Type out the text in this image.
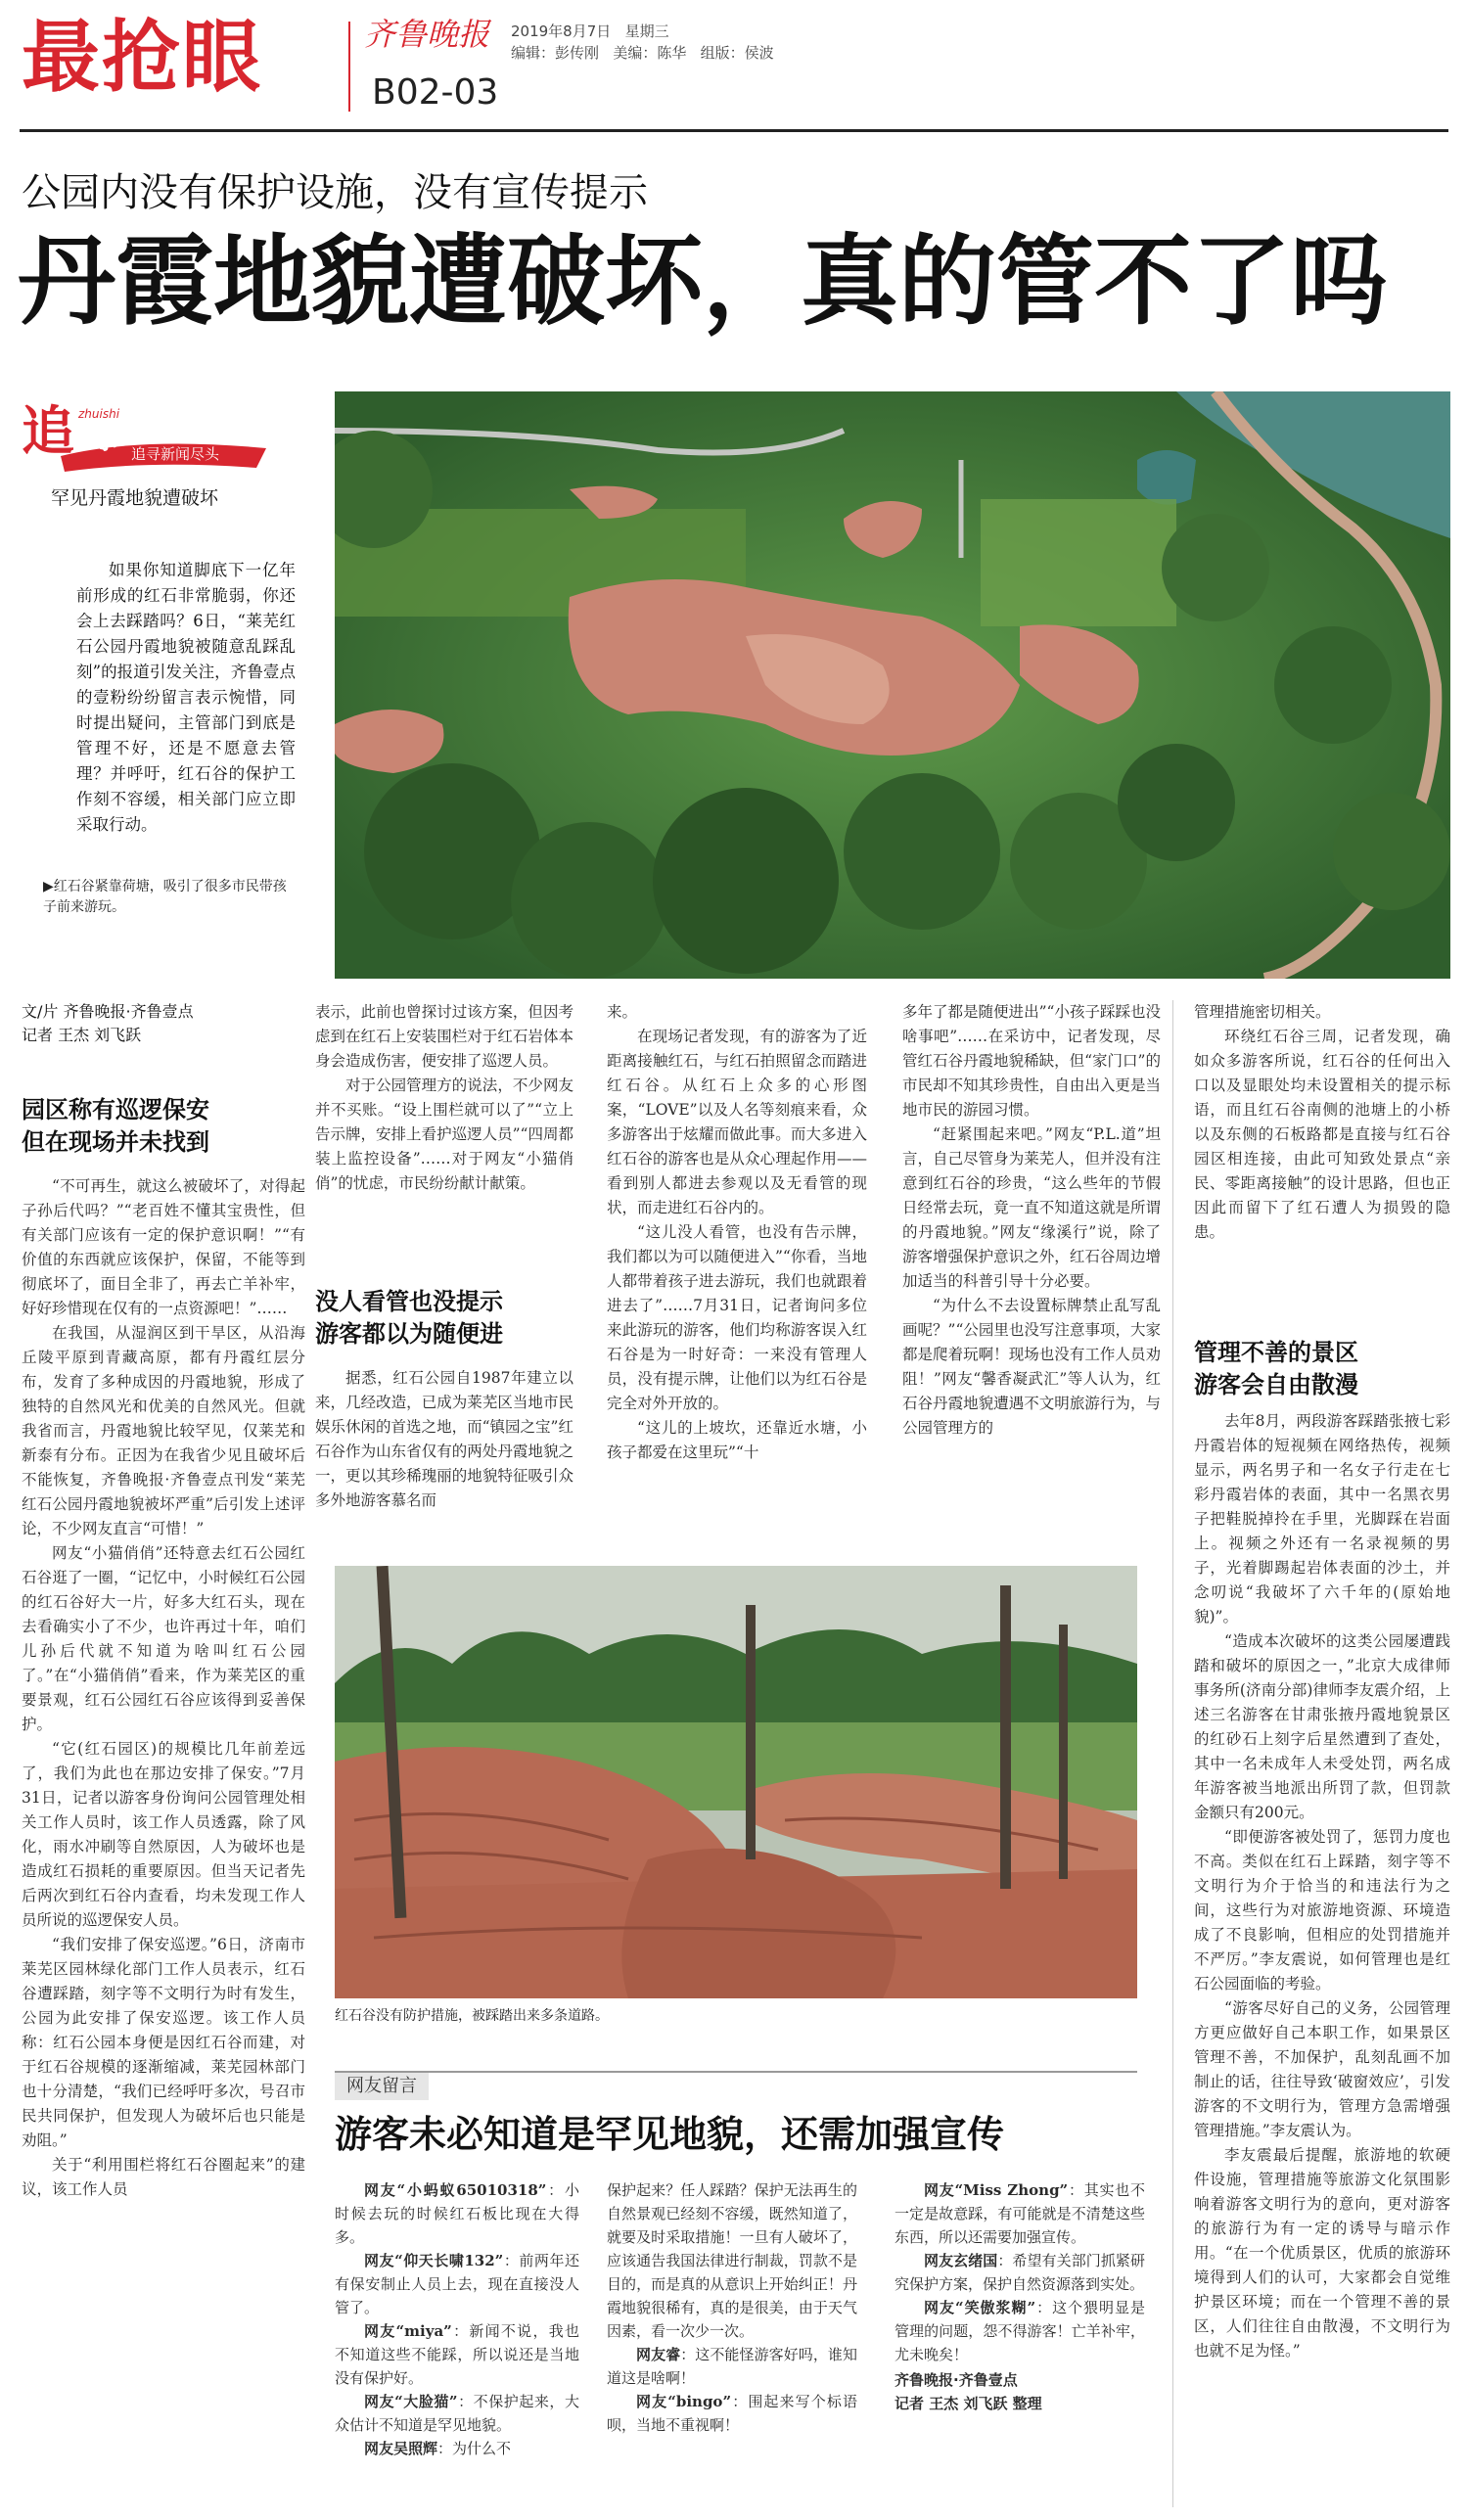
最抢眼	齐鲁晚报 2019年8月7日 星期三
编辑：彭传刚 美编：陈华 组版：侯波
B02-03
公园内没有保护设施，没有宣传提示
丹霞地貌遭破坏，真的管不了吗
追 zhuishi
事 追寻新闻尽头
罕见丹霞地貌遭破坏

如果你知道脚底下一亿年前形成的红石非常脆弱，你还会上去踩踏吗？6日，“莱芜红石公园丹霞地貌被随意乱踩乱刻”的报道引发关注，齐鲁壹点的壹粉纷纷留言表示惋惜，同时提出疑问，主管部门到底是管理不好，还是不愿意去管理？并呼吁，红石谷的保护工作刻不容缓，相关部门应立即采取行动。

▶红石谷紧靠荷塘，吸引了很多市民带孩子前来游玩。
文/片 齐鲁晚报·齐鲁壹点
记者 王杰 刘飞跃
园区称有巡逻保安
但在现场并未找到

“不可再生，就这么被破坏了，对得起子孙后代吗？”“老百姓不懂其宝贵性，但有关部门应该有一定的保护意识啊！”“有价值的东西就应该保护，保留，不能等到彻底坏了，面目全非了，再去亡羊补牢，好好珍惜现在仅有的一点资源吧！”……

在我国，从湿润区到干旱区，从沿海丘陵平原到青藏高原，都有丹霞红层分布，发育了多种成因的丹霞地貌，形成了独特的自然风光和优美的自然风光。但就我省而言，丹霞地貌比较罕见，仅莱芜和新泰有分布。正因为在我省少见且破坏后不能恢复，齐鲁晚报·齐鲁壹点刊发“莱芜红石公园丹霞地貌被坏严重”后引发上述评论，不少网友直言“可惜！”

网友“小猫俏俏”还特意去红石公园红石谷逛了一圈，“记忆中，小时候红石公园的红石谷好大一片，好多大红石头，现在去看确实小了不少，也许再过十年，咱们儿孙后代就不知道为啥叫红石公园了。”在“小猫俏俏”看来，作为莱芜区的重要景观，红石公园红石谷应该得到妥善保护。

“它(红石园区)的规模比几年前差远了，我们为此也在那边安排了保安。”7月31日，记者以游客身份询问公园管理处相关工作人员时，该工作人员透露，除了风化，雨水冲刷等自然原因，人为破坏也是造成红石损耗的重要原因。但当天记者先后两次到红石谷内查看，均未发现工作人员所说的巡逻保安人员。

“我们安排了保安巡逻。”6日，济南市莱芜区园林绿化部门工作人员表示，红石谷遭踩踏，刻字等不文明行为时有发生，公园为此安排了保安巡逻。该工作人员称：红石公园本身便是因红石谷而建，对于红石谷规模的逐渐缩减，莱芜园林部门也十分清楚，“我们已经呼吁多次，号召市民共同保护，但发现人为破坏后也只能是劝阻。”

关于“利用围栏将红石谷圈起来”的建议，该工作人员

表示，此前也曾探讨过该方案，但因考虑到在红石上安装围栏对于红石岩体本身会造成伤害，便安排了巡逻人员。

对于公园管理方的说法，不少网友并不买账。“设上围栏就可以了”“立上告示牌，安排上看护巡逻人员”“四周都装上监控设备”……对于网友“小猫俏俏”的忧虑，市民纷纷献计献策。

没人看管也没提示
游客都以为随便进

据悉，红石公园自1987年建立以来，几经改造，已成为莱芜区当地市民娱乐休闲的首选之地，而“镇园之宝”红石谷作为山东省仅有的两处丹霞地貌之一，更以其珍稀瑰丽的地貌特征吸引众多外地游客慕名而

来。

在现场记者发现，有的游客为了近距离接触红石，与红石拍照留念而踏进红石谷。从红石上众多的心形图案，“LOVE”以及人名等刻痕来看，众多游客出于炫耀而做此事。而大多进入红石谷的游客也是从众心理起作用——看到别人都进去参观以及无看管的现状，而走进红石谷内的。

“这儿没人看管，也没有告示牌，我们都以为可以随便进入”“你看，当地人都带着孩子进去游玩，我们也就跟着进去了”……7月31日，记者询问多位来此游玩的游客，他们均称游客误入红石谷是为一时好奇：一来没有管理人员，没有提示牌，让他们以为红石谷是完全对外开放的。

“这儿的上坡坎，还靠近水塘，小孩子都爱在这里玩”“十

多年了都是随便进出”“小孩子踩踩也没啥事吧”……在采访中，记者发现，尽管红石谷丹霞地貌稀缺，但“家门口”的市民却不知其珍贵性，自由出入更是当地市民的游园习惯。

“赶紧围起来吧。”网友“P.L.道”坦言，自己尽管身为莱芜人，但并没有注意到红石谷的珍贵，“这么些年的节假日经常去玩，竟一直不知道这就是所谓的丹霞地貌。”网友“缘溪行”说，除了游客增强保护意识之外，红石谷周边增加适当的科普引导十分必要。

“为什么不去设置标牌禁止乱写乱画呢？”“公园里也没写注意事项，大家都是爬着玩啊！现场也没有工作人员劝阻！”网友“馨香凝武汇”等人认为，红石谷丹霞地貌遭遇不文明旅游行为，与公园管理方的

管理措施密切相关。

环绕红石谷三周，记者发现，确如众多游客所说，红石谷的任何出入口以及显眼处均未设置相关的提示标语，而且红石谷南侧的池塘上的小桥以及东侧的石板路都是直接与红石谷园区相连接，由此可知致处景点“亲民、零距离接触”的设计思路，但也正因此而留下了红石遭人为损毁的隐患。

管理不善的景区
游客会自由散漫

去年8月，两段游客踩踏张掖七彩丹霞岩体的短视频在网络热传，视频显示，两名男子和一名女子行走在七彩丹霞岩体的表面，其中一名黑衣男子把鞋脱掉拎在手里，光脚踩在岩面上。视频之外还有一名录视频的男子，光着脚踢起岩体表面的沙土，并念叨说“我破坏了六千年的(原始地貌)”。

“造成本次破坏的这类公园屡遭践踏和破坏的原因之一，”北京大成律师事务所(济南分部)律师李友震介绍，上述三名游客在甘肃张掖丹霞地貌景区的红砂石上刻字后星然遭到了查处，其中一名未成年人未受处罚，两名成年游客被当地派出所罚了款，但罚款金额只有200元。

“即便游客被处罚了，惩罚力度也不高。类似在红石上踩踏，刻字等不文明行为介于恰当的和违法行为之间，这些行为对旅游地资源、环境造成了不良影响，但相应的处罚措施并不严厉。”李友震说，如何管理也是红石公园面临的考验。

“游客尽好自己的义务，公园管理方更应做好自己本职工作，如果景区管理不善，不加保护，乱刻乱画不加制止的话，往往导致‘破窗效应’，引发游客的不文明行为，管理方急需增强管理措施。”李友震认为。

李友震最后提醒，旅游地的软硬件设施，管理措施等旅游文化氛围影响着游客文明行为的意向，更对游客的旅游行为有一定的诱导与暗示作用。“在一个优质景区，优质的旅游环境得到人们的认可，大家都会自觉维护景区环境；而在一个管理不善的景区，人们往往自由散漫，不文明行为也就不足为怪。”

红石谷没有防护措施，被踩踏出来多条道路。
网友留言
游客未必知道是罕见地貌，还需加强宣传

网友“小蚂蚁65010318”：小时候去玩的时候红石板比现在大得多。

网友“仰天长啸132”：前两年还有保安制止人员上去，现在直接没人管了。

网友“miya”：新闻不说，我也不知道这些不能踩，所以说还是当地没有保护好。

网友“大脸猫”：不保护起来，大众估计不知道是罕见地貌。

网友吴照辉：为什么不

保护起来？任人踩踏？保护无法再生的自然景观已经刻不容缓，既然知道了，就要及时采取措施！一旦有人破坏了，应该通告我国法律进行制裁，罚款不是目的，而是真的从意识上开始纠正！丹霞地貌很稀有，真的是很美，由于天气因素，看一次少一次。

网友睿：这不能怪游客好吗，谁知道这是啥啊！

网友“bingo”：围起来写个标语呗，当地不重视啊！

网友“Miss Zhong”：其实也不一定是故意踩，有可能就是不清楚这些东西，所以还需要加强宣传。

网友玄绪国：希望有关部门抓紧研究保护方案，保护自然资源落到实处。

网友“笑傲浆糊”：这个猥明显是管理的问题，怨不得游客！亡羊补牢，尤未晚矣！

齐鲁晚报·齐鲁壹点
记者 王杰 刘飞跃 整理
